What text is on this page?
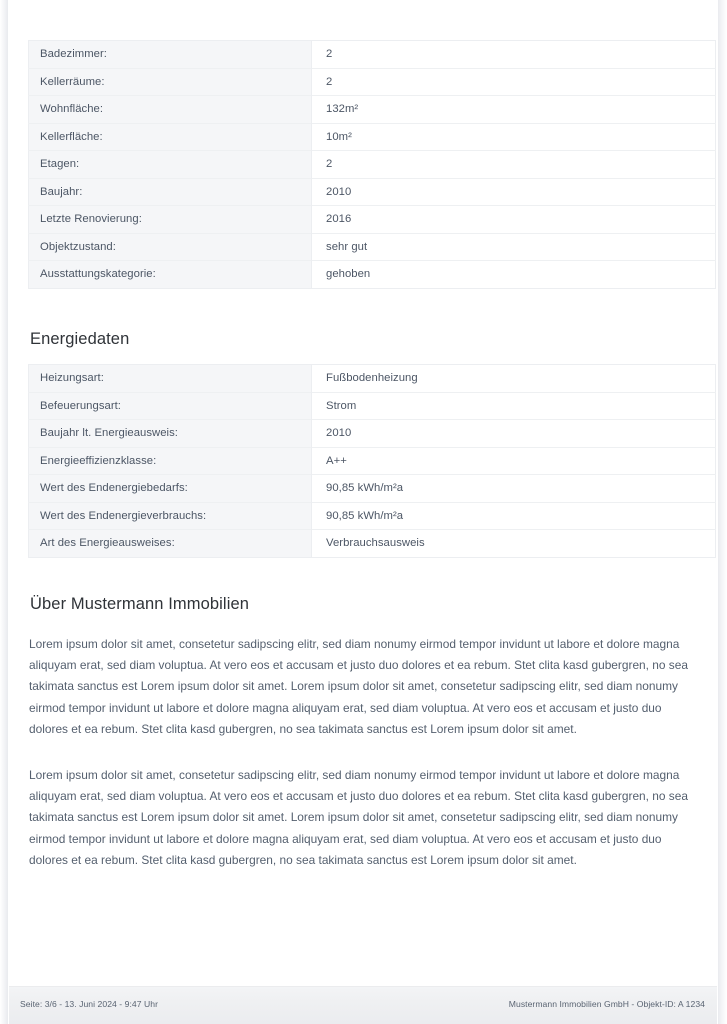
Badezimmer:	2
Kellerräume:	2
Wohnfläche:	132m²
Kellerfläche:	10m²
Etagen:	2
Baujahr:	2010
Letzte Renovierung:	2016
Objektzustand:	sehr gut
Ausstattungskategorie:	gehoben
Energiedaten
Heizungsart:	Fußbodenheizung
Befeuerungsart:	Strom
Baujahr lt. Energieausweis:	2010
Energieeffizienzklasse:	A++
Wert des Endenergiebedarfs:	90,85 kWh/m²a
Wert des Endenergieverbrauchs:	90,85 kWh/m²a
Art des Energieausweises:	Verbrauchsausweis
Über Mustermann Immobilien

Lorem ipsum dolor sit amet, consetetur sadipscing elitr, sed diam nonumy eirmod tempor invidunt ut labore et dolore magna aliquyam erat, sed diam voluptua. At vero eos et accusam et justo duo dolores et ea rebum. Stet clita kasd gubergren, no sea takimata sanctus est Lorem ipsum dolor sit amet. Lorem ipsum dolor sit amet, consetetur sadipscing elitr, sed diam nonumy eirmod tempor invidunt ut labore et dolore magna aliquyam erat, sed diam voluptua. At vero eos et accusam et justo duo dolores et ea rebum. Stet clita kasd gubergren, no sea takimata sanctus est Lorem ipsum dolor sit amet.

Lorem ipsum dolor sit amet, consetetur sadipscing elitr, sed diam nonumy eirmod tempor invidunt ut labore et dolore magna aliquyam erat, sed diam voluptua. At vero eos et accusam et justo duo dolores et ea rebum. Stet clita kasd gubergren, no sea takimata sanctus est Lorem ipsum dolor sit amet. Lorem ipsum dolor sit amet, consetetur sadipscing elitr, sed diam nonumy eirmod tempor invidunt ut labore et dolore magna aliquyam erat, sed diam voluptua. At vero eos et accusam et justo duo dolores et ea rebum. Stet clita kasd gubergren, no sea takimata sanctus est Lorem ipsum dolor sit amet.

Seite: 3/6 - 13. Juni 2024 - 9:47 Uhr	Mustermann Immobilien GmbH - Objekt-ID: A 1234
